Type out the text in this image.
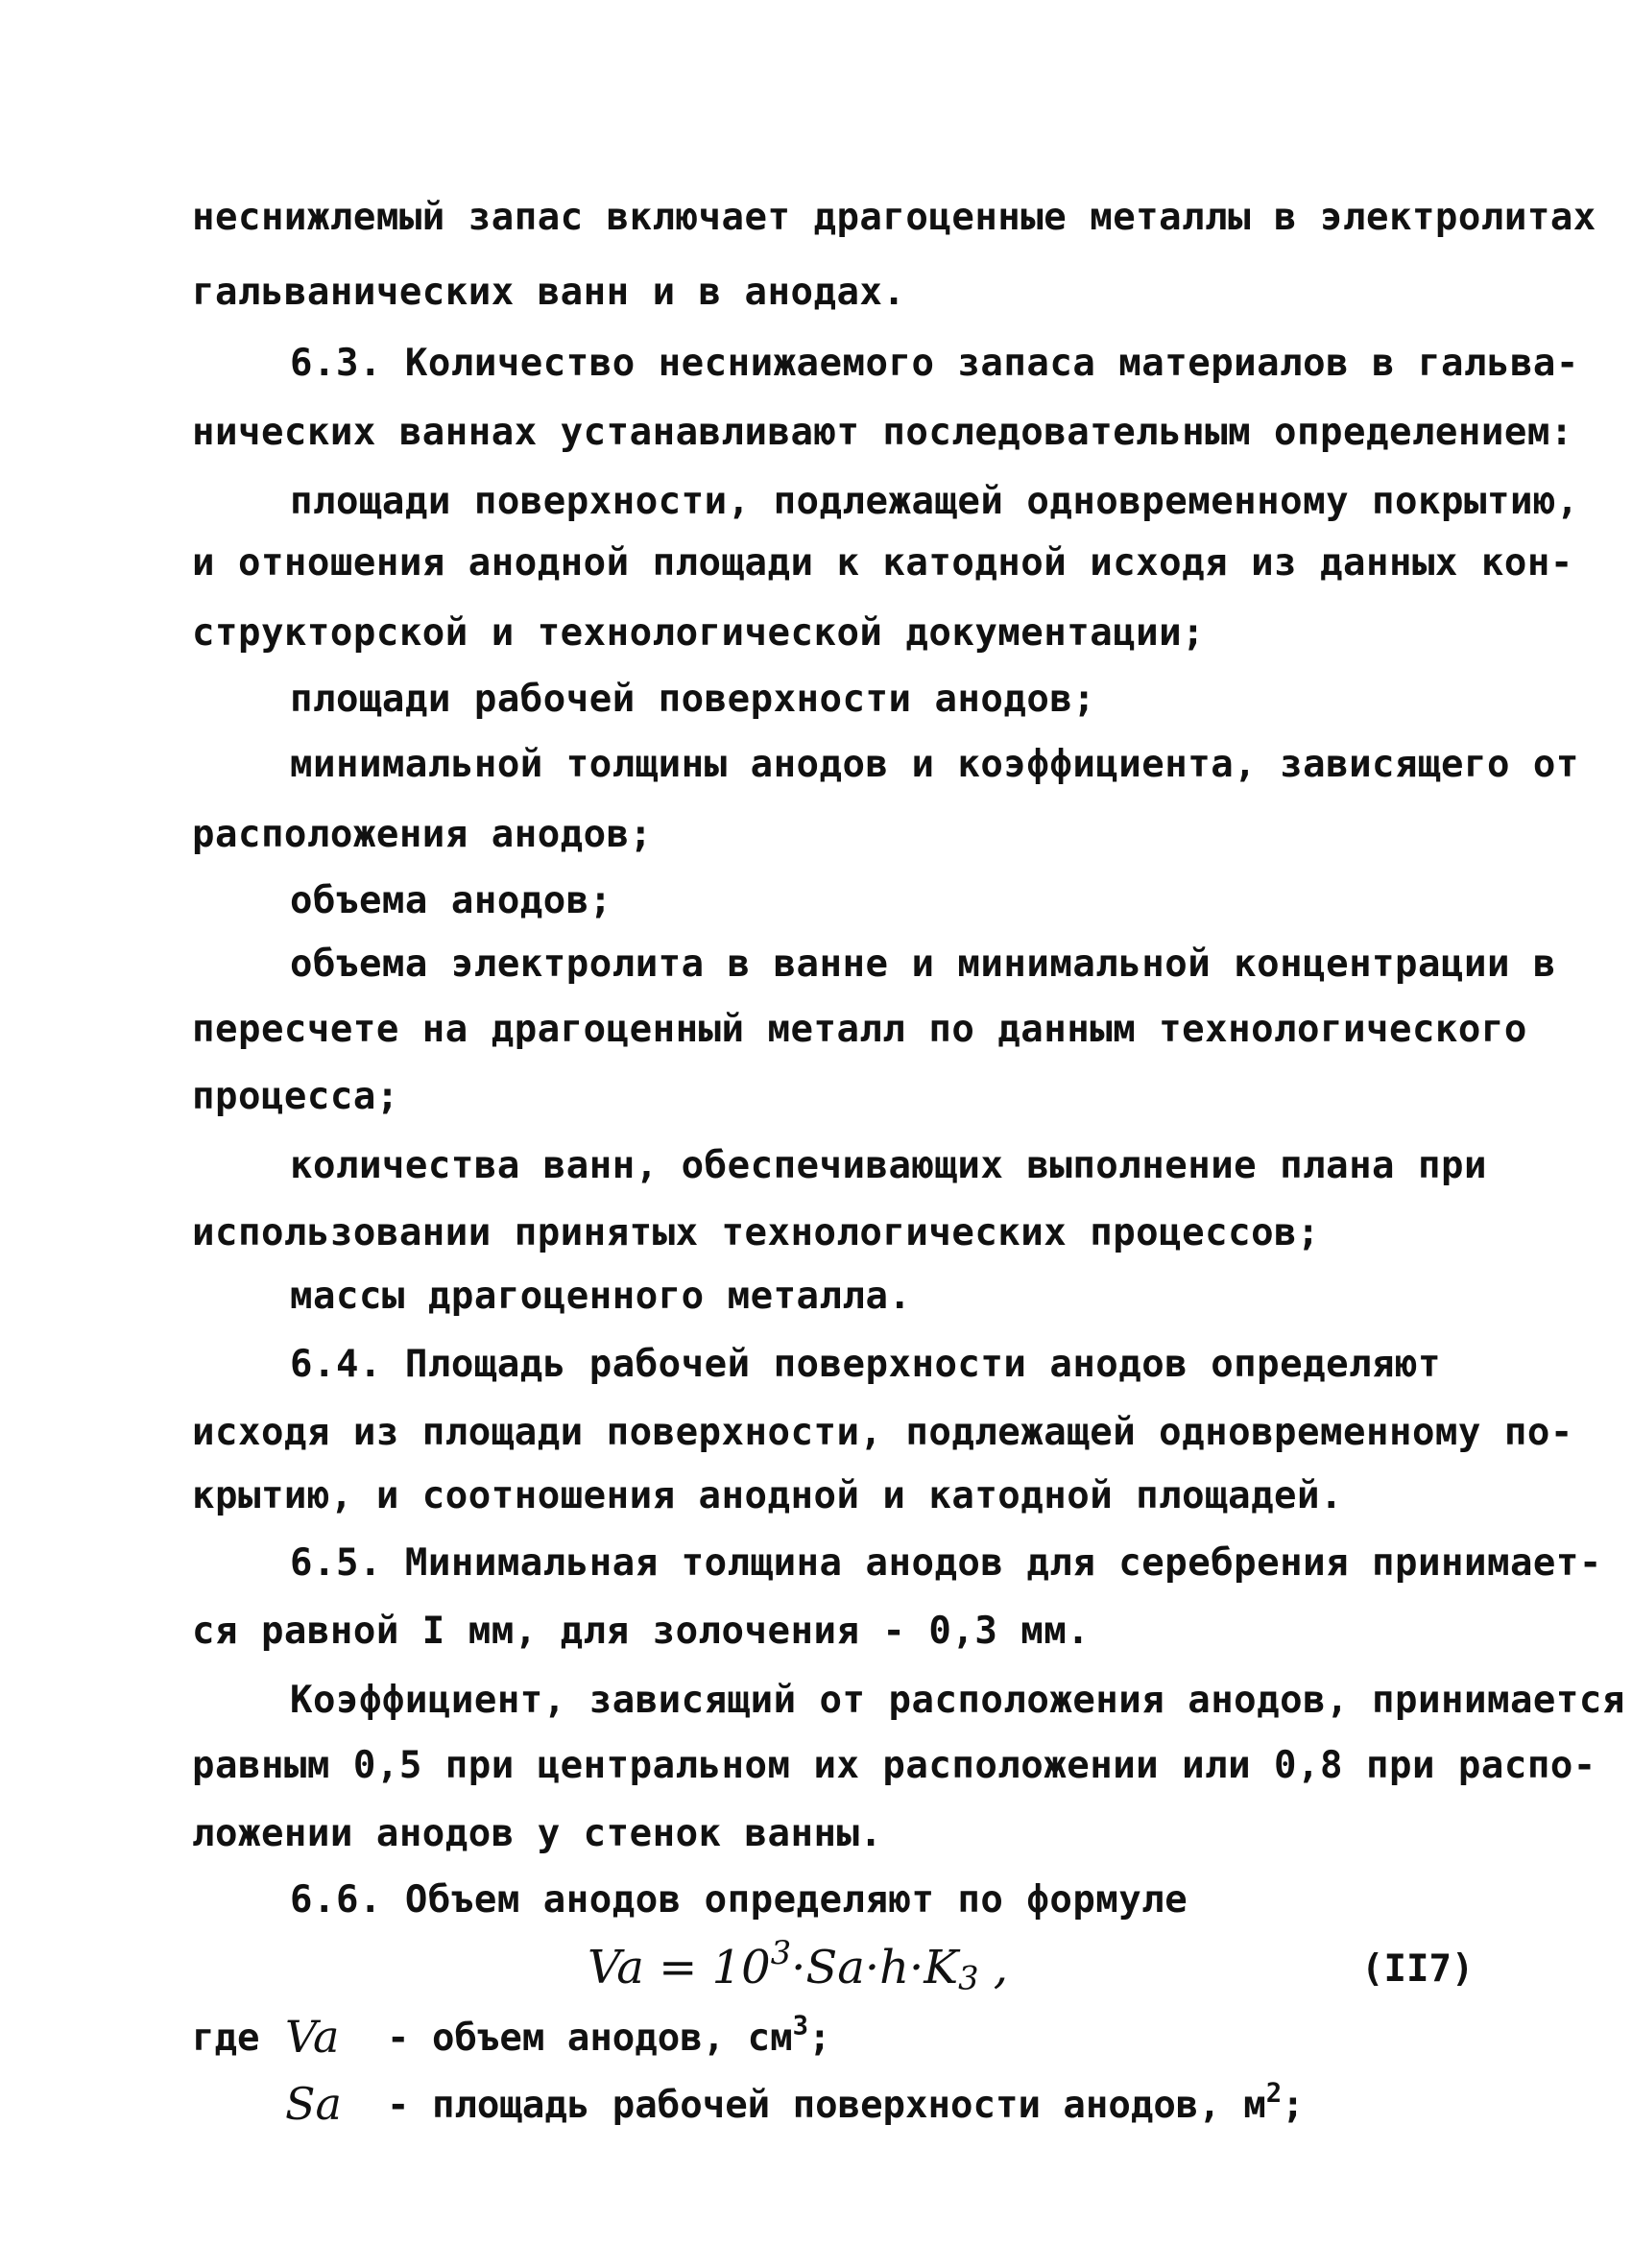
неснижлемый запас включает драгоценные металлы в электролитах
гальванических ванн и в анодах.
6.3. Количество неснижаемого запаса материалов в гальва-
нических ваннах устанавливают последовательным определением:
площади поверхности, подлежащей одновременному покрытию,
и отношения анодной площади к катодной исходя из данных кон-
структорской и технологической документации;
площади рабочей поверхности анодов;
минимальной толщины анодов и коэффициента, зависящего от
расположения анодов;
объема анодов;
объема электролита в ванне и минимальной концентрации в
пересчете на драгоценный металл по данным технологического
процесса;
количества ванн, обеспечивающих выполнение плана при
использовании принятых технологических процессов;
массы драгоценного металла.
6.4. Площадь рабочей поверхности анодов определяют
исходя из площади поверхности, подлежащей одновременному по-
крытию, и соотношения анодной и катодной площадей.
6.5. Минимальная толщина анодов для серебрения принимает-
ся равной I мм, для золочения - 0,3 мм.
Коэффициент, зависящий от расположения анодов, принимается
равным 0,5 при центральном их расположении или 0,8 при распо-
ложении анодов у стенок ванны.
6.6. Объем анодов определяют по формуле
$Va = 10^3\cdot Sa\cdot h\cdot K_3$ ,	(II7)
где Va - объем анодов, $см^3$;
Sa - площадь рабочей поверхности анодов, $м^2$;
